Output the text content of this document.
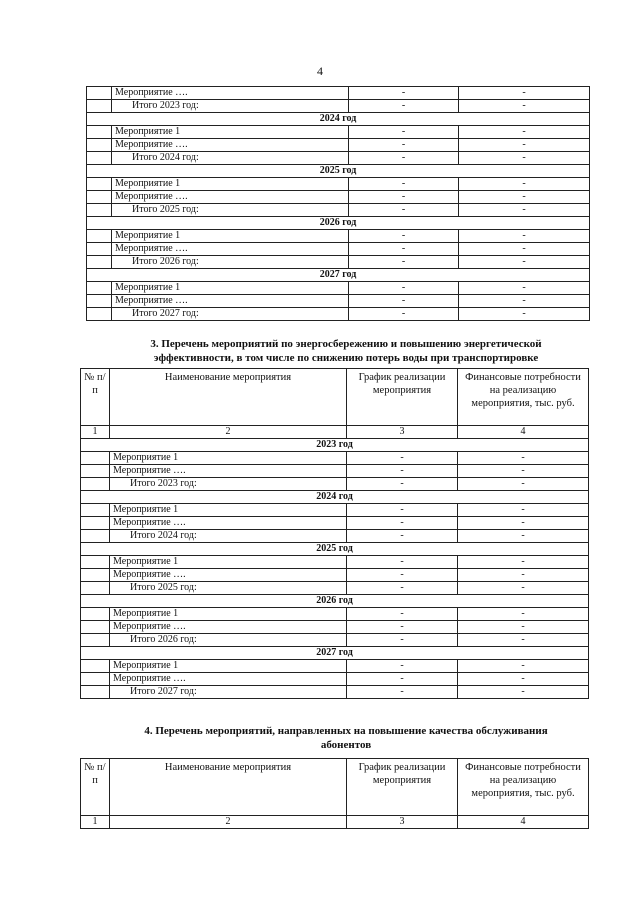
4
	Мероприятие ….	-	-
	Итого 2023 год:	-	-
2024 год			
	Мероприятие 1	-	-
	Мероприятие ….	-	-
	Итого 2024 год:	-	-
2025 год			
	Мероприятие 1	-	-
	Мероприятие ….	-	-
	Итого 2025 год:	-	-
2026 год			
	Мероприятие 1	-	-
	Мероприятие ….	-	-
	Итого 2026 год:	-	-
2027 год			
	Мероприятие 1	-	-
	Мероприятие ….	-	-
	Итого 2027 год:	-	-
3. Перечень мероприятий по энергосбережению и повышению энергетической
эффективности, в том числе по снижению потерь воды при транспортировке
№ п/п	Наименование мероприятия	График реализации мероприятия	Финансовые потребности на реализацию мероприятия, тыс. руб.
1	2	3	4
2023 год			
	Мероприятие 1	-	-
	Мероприятие ….	-	-
	Итого 2023 год:	-	-
2024 год			
	Мероприятие 1	-	-
	Мероприятие ….	-	-
	Итого 2024 год:	-	-
2025 год			
	Мероприятие 1	-	-
	Мероприятие ….	-	-
	Итого 2025 год:	-	-
2026 год			
	Мероприятие 1	-	-
	Мероприятие ….	-	-
	Итого 2026 год:	-	-
2027 год			
	Мероприятие 1	-	-
	Мероприятие ….	-	-
	Итого 2027 год:	-	-
4. Перечень мероприятий, направленных на повышение качества обслуживания
абонентов
№ п/п	Наименование мероприятия	График реализации мероприятия	Финансовые потребности на реализацию мероприятия, тыс. руб.
1	2	3	4
